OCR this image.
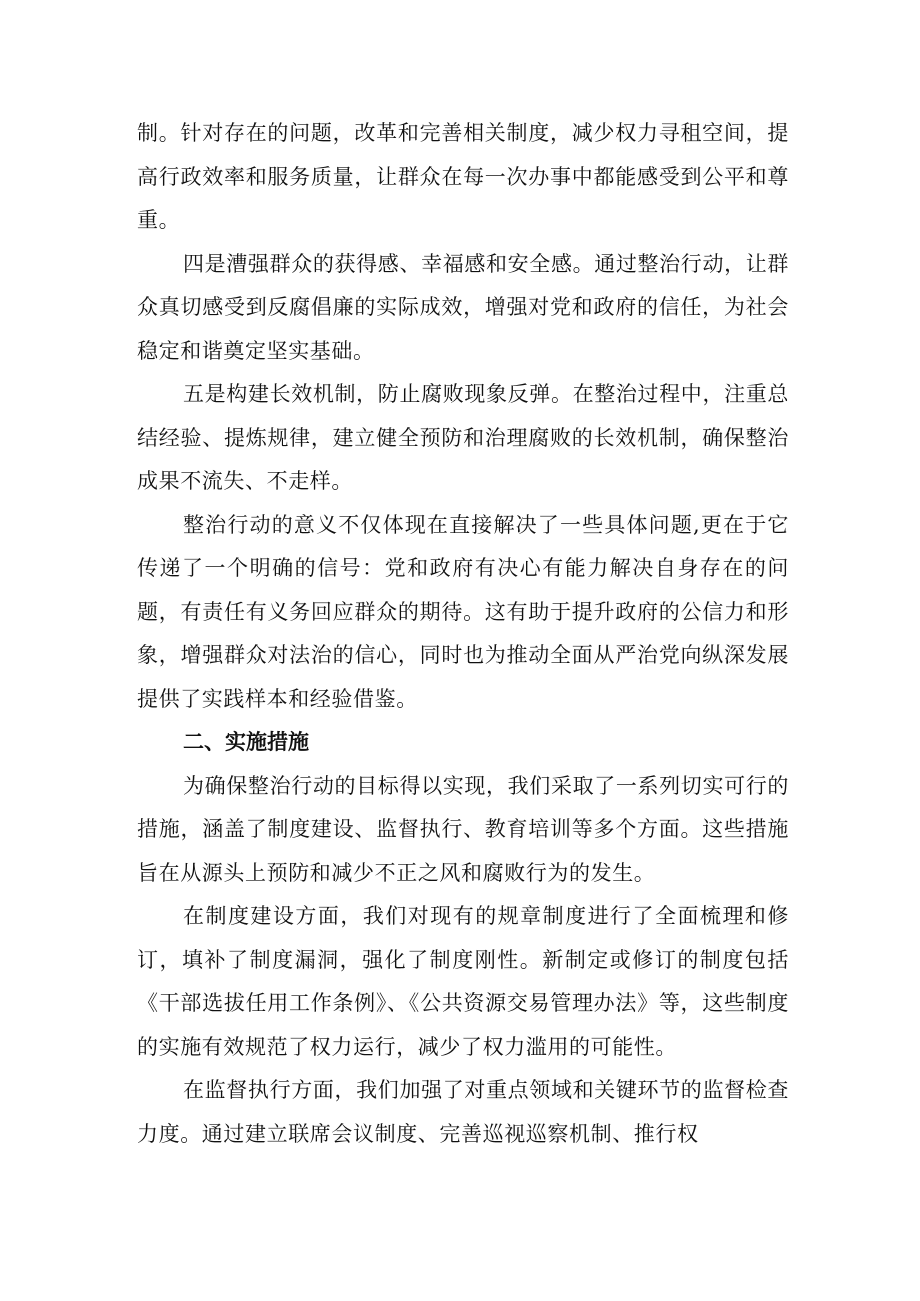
制。针对存在的问题，改革和完善相关制度，减少权力寻租空间，提高行政效率和服务质量，让群众在每一次办事中都能感受到公平和尊重。

四是漕强群众的获得感、幸福感和安全感。通过整治行动，让群众真切感受到反腐倡廉的实际成效，增强对党和政府的信任，为社会稳定和谐奠定坚实基础。

五是构建长效机制，防止腐败现象反弹。在整治过程中，注重总结经验、提炼规律，建立健全预防和治理腐败的长效机制，确保整治成果不流失、不走样。

整治行动的意义不仅体现在直接解决了一些具体问题,更在于它传递了一个明确的信号：党和政府有决心有能力解决自身存在的问题，有责任有义务回应群众的期待。这有助于提升政府的公信力和形象，增强群众对法治的信心，同时也为推动全面从严治党向纵深发展提供了实践样本和经验借鉴。

二、实施措施

为确保整治行动的目标得以实现，我们采取了一系列切实可行的措施，涵盖了制度建设、监督执行、教育培训等多个方面。这些措施旨在从源头上预防和减少不正之风和腐败行为的发生。

在制度建设方面，我们对现有的规章制度进行了全面梳理和修订，填补了制度漏洞，强化了制度刚性。新制定或修订的制度包括《干部选拔任用工作条例》、《公共资源交易管理办法》等，这些制度的实施有效规范了权力运行，减少了权力滥用的可能性。

在监督执行方面，我们加强了对重点领域和关键环节的监督检查力度。通过建立联席会议制度、完善巡视巡察机制、推行权
